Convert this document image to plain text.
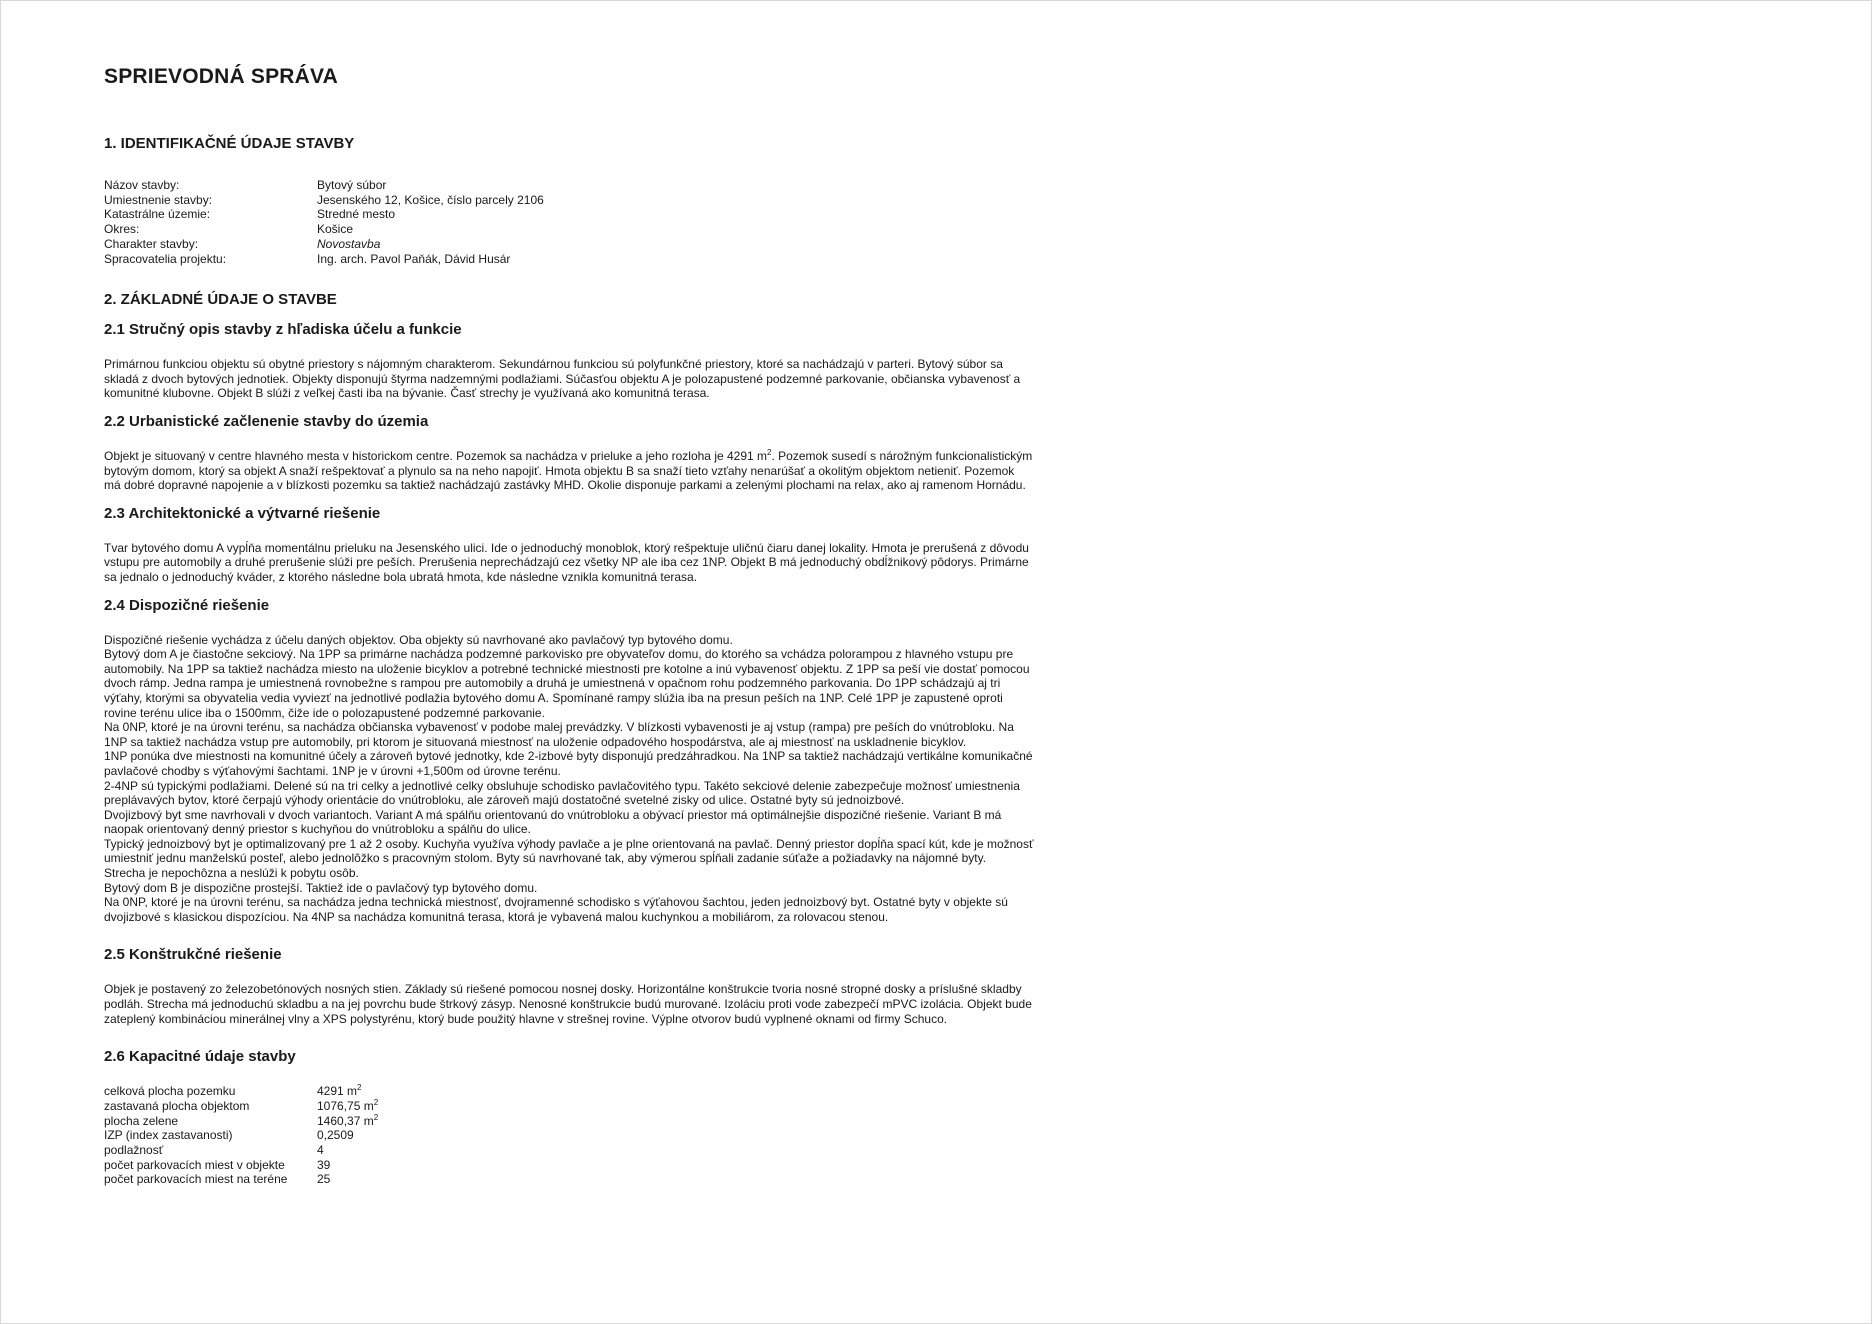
SPRIEVODNÁ SPRÁVA
1. IDENTIFIKAČNÉ ÚDAJE STAVBY
Názov stavby:	Bytový súbor
Umiestnenie stavby:	Jesenského 12, Košice, číslo parcely 2106
Katastrálne územie:	Stredné mesto
Okres:	Košice
Charakter stavby:	Novostavba
Spracovatelia projektu:	Ing. arch. Pavol Paňák, Dávid Husár
2. ZÁKLADNÉ ÚDAJE O STAVBE
2.1 Stručný opis stavby z hľadiska účelu a funkcie

Primárnou funkciou objektu sú obytné priestory s nájomným charakterom. Sekundárnou funkciou sú polyfunkčné priestory, ktoré sa nachádzajú v parteri. Bytový súbor sa skladá z dvoch bytových jednotiek. Objekty disponujú štyrma nadzemnými podlažiami. Súčasťou objektu A je polozapustené podzemné parkovanie, občianska vybavenosť a komunitné klubovne. Objekt B slúži z veľkej časti iba na bývanie. Časť strechy je využívaná ako komunitná terasa.

2.2 Urbanistické začlenenie stavby do územia

Objekt je situovaný v centre hlavného mesta v historickom centre. Pozemok sa nachádza v prieluke a jeho rozloha je 4291 $m^2$. Pozemok susedí s nárožným funkcionalistickým bytovým domom, ktorý sa objekt A snaží rešpektovať a plynulo sa na neho napojiť. Hmota objektu B sa snaží tieto vzťahy nenarúšať a okolitým objektom netieniť. Pozemok má dobré dopravné napojenie a v blízkosti pozemku sa taktiež nachádzajú zastávky MHD. Okolie disponuje parkami a zelenými plochami na relax, ako aj ramenom Hornádu.

2.3 Architektonické a výtvarné riešenie

Tvar bytového domu A vypĺňa momentálnu prieluku na Jesenského ulici. Ide o jednoduchý monoblok, ktorý rešpektuje uličnú čiaru danej lokality. Hmota je prerušená z dôvodu vstupu pre automobily a druhé prerušenie slúži pre peších. Prerušenia neprechádzajú cez všetky NP ale iba cez 1NP. Objekt B má jednoduchý obdĺžnikový pôdorys. Primárne sa jednalo o jednoduchý kváder, z ktorého následne bola ubratá hmota, kde následne vznikla komunitná terasa.

2.4 Dispozičné riešenie

Dispozičné riešenie vychádza z účelu daných objektov. Oba objekty sú navrhované ako pavlačový typ bytového domu.

Bytový dom A je čiastočne sekciový. Na 1PP sa primárne nachádza podzemné parkovisko pre obyvateľov domu, do ktorého sa vchádza polorampou z hlavného vstupu pre automobily. Na 1PP sa taktiež nachádza miesto na uloženie bicyklov a potrebné technické miestnosti pre kotolne a inú vybavenosť objektu. Z 1PP sa peší vie dostať pomocou dvoch rámp. Jedna rampa je umiestnená rovnobežne s rampou pre automobily a druhá je umiestnená v opačnom rohu podzemného parkovania. Do 1PP schádzajú aj tri výťahy, ktorými sa obyvatelia vedia vyviezť na jednotlivé podlažia bytového domu A. Spomínané rampy slúžia iba na presun peších na 1NP. Celé 1PP je zapustené oproti rovine terénu ulice iba o 1500mm, čiže ide o polozapustené podzemné parkovanie.

Na 0NP, ktoré je na úrovni terénu, sa nachádza občianska vybavenosť v podobe malej prevádzky. V blízkosti vybavenosti je aj vstup (rampa) pre peších do vnútrobloku. Na 1NP sa taktiež nachádza vstup pre automobily, pri ktorom je situovaná miestnosť na uloženie odpadového hospodárstva, ale aj miestnosť na uskladnenie bicyklov.

1NP ponúka dve miestnosti na komunitné účely a zároveň bytové jednotky, kde 2-izbové byty disponujú predzáhradkou. Na 1NP sa taktiež nachádzajú vertikálne komunikačné pavlačové chodby s výťahovými šachtami. 1NP je v úrovni +1,500m od úrovne terénu.

2-4NP sú typickými podlažiami. Delené sú na tri celky a jednotlivé celky obsluhuje schodisko pavlačovitého typu. Takéto sekciové delenie zabezpečuje možnosť umiestnenia preplávavých bytov, ktoré čerpajú výhody orientácie do vnútrobloku, ale zároveň majú dostatočné svetelné zisky od ulice. Ostatné byty sú jednoizbové.

Dvojizbový byt sme navrhovali v dvoch variantoch. Variant A má spálňu orientovanú do vnútrobloku a obývací priestor má optimálnejšie dispozičné riešenie. Variant B má naopak orientovaný denný priestor s kuchyňou do vnútrobloku a spálňu do ulice.

Typický jednoizbový byt je optimalizovaný pre 1 až 2 osoby. Kuchyňa využíva výhody pavlače a je plne orientovaná na pavlač. Denný priestor dopĺňa spací kút, kde je možnosť umiestniť jednu manželskú posteľ, alebo jednolôžko s pracovným stolom. Byty sú navrhované tak, aby výmerou spĺňali zadanie súťaže a požiadavky na nájomné byty.

Strecha je nepochôzna a neslúži k pobytu osôb.

Bytový dom B je dispozične prostejší. Taktiež ide o pavlačový typ bytového domu.

Na 0NP, ktoré je na úrovni terénu, sa nachádza jedna technická miestnosť, dvojramenné schodisko s výťahovou šachtou, jeden jednoizbový byt. Ostatné byty v objekte sú dvojizbové s klasickou dispozíciou. Na 4NP sa nachádza komunitná terasa, ktorá je vybavená malou kuchynkou a mobiliárom, za rolovacou stenou.

2.5 Konštrukčné riešenie

Objek je postavený zo železobetónových nosných stien. Základy sú riešené pomocou nosnej dosky. Horizontálne konštrukcie tvoria nosné stropné dosky a príslušné skladby podláh. Strecha má jednoduchú skladbu a na jej povrchu bude štrkový zásyp. Nenosné konštrukcie budú murované. Izoláciu proti vode zabezpečí mPVC izolácia. Objekt bude zateplený kombináciou minerálnej vlny a XPS polystyrénu, ktorý bude použitý hlavne v strešnej rovine. Výplne otvorov budú vyplnené oknami od firmy Schuco.

2.6 Kapacitné údaje stavby
celková plocha pozemku	4291 $m^2$
zastavaná plocha objektom	1076,75 $m^2$
plocha zelene	1460,37 $m^2$
IZP (index zastavanosti)	0,2509
podlažnosť	4
počet parkovacích miest v objekte	39
počet parkovacích miest na teréne	25
